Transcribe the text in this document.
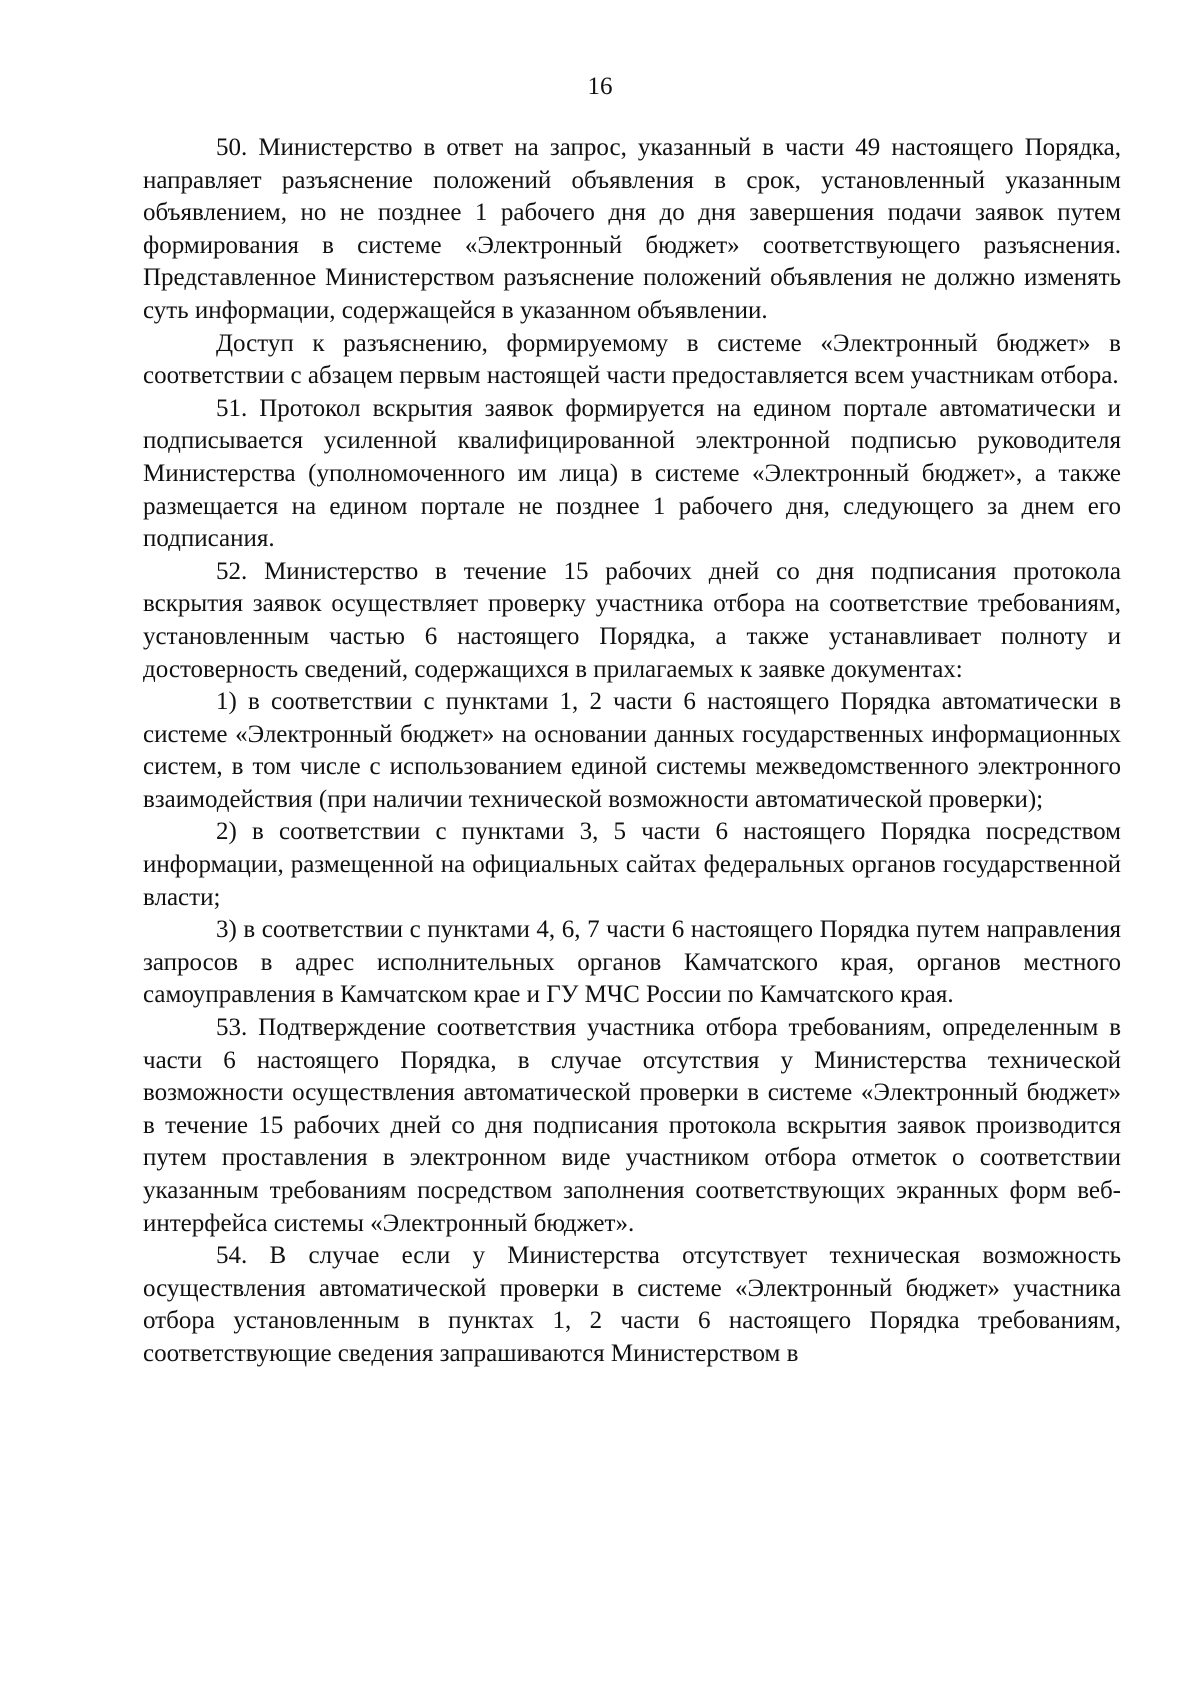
16

50. Министерство в ответ на запрос, указанный в части 49 настоящего Порядка, направляет разъяснение положений объявления в срок, установленный указанным объявлением, но не позднее 1 рабочего дня до дня завершения подачи заявок путем формирования в системе «Электронный бюджет» соответствующего разъяснения. Представленное Министерством разъяснение положений объявления не должно изменять суть информации, содержащейся в указанном объявлении.

Доступ к разъяснению, формируемому в системе «Электронный бюджет» в соответствии с абзацем первым настоящей части предоставляется всем участникам отбора.

51. Протокол вскрытия заявок формируется на едином портале автоматически и подписывается усиленной квалифицированной электронной подписью руководителя Министерства (уполномоченного им лица) в системе «Электронный бюджет», а также размещается на едином портале не позднее 1 рабочего дня, следующего за днем его подписания.

52. Министерство в течение 15 рабочих дней со дня подписания протокола вскрытия заявок осуществляет проверку участника отбора на соответствие требованиям, установленным частью 6 настоящего Порядка, а также устанавливает полноту и достоверность сведений, содержащихся в прилагаемых к заявке документах:

1) в соответствии с пунктами 1, 2 части 6 настоящего Порядка автоматически в системе «Электронный бюджет» на основании данных государственных информационных систем, в том числе с использованием единой системы межведомственного электронного взаимодействия (при наличии технической возможности автоматической проверки);

2) в соответствии с пунктами 3, 5 части 6 настоящего Порядка посредством информации, размещенной на официальных сайтах федеральных органов государственной власти;

3) в соответствии с пунктами 4, 6, 7 части 6 настоящего Порядка путем направления запросов в адрес исполнительных органов Камчатского края, органов местного самоуправления в Камчатском крае и ГУ МЧС России по Камчатского края.

53. Подтверждение соответствия участника отбора требованиям, определенным в части 6 настоящего Порядка, в случае отсутствия у Министерства технической возможности осуществления автоматической проверки в системе «Электронный бюджет» в течение 15 рабочих дней со дня подписания протокола вскрытия заявок производится путем проставления в электронном виде участником отбора отметок о соответствии указанным требованиям посредством заполнения соответствующих экранных форм веб-интерфейса системы «Электронный бюджет».

54. В случае если у Министерства отсутствует техническая возможность осуществления автоматической проверки в системе «Электронный бюджет» участника отбора установленным в пунктах 1, 2 части 6 настоящего Порядка требованиям, соответствующие сведения запрашиваются Министерством в
